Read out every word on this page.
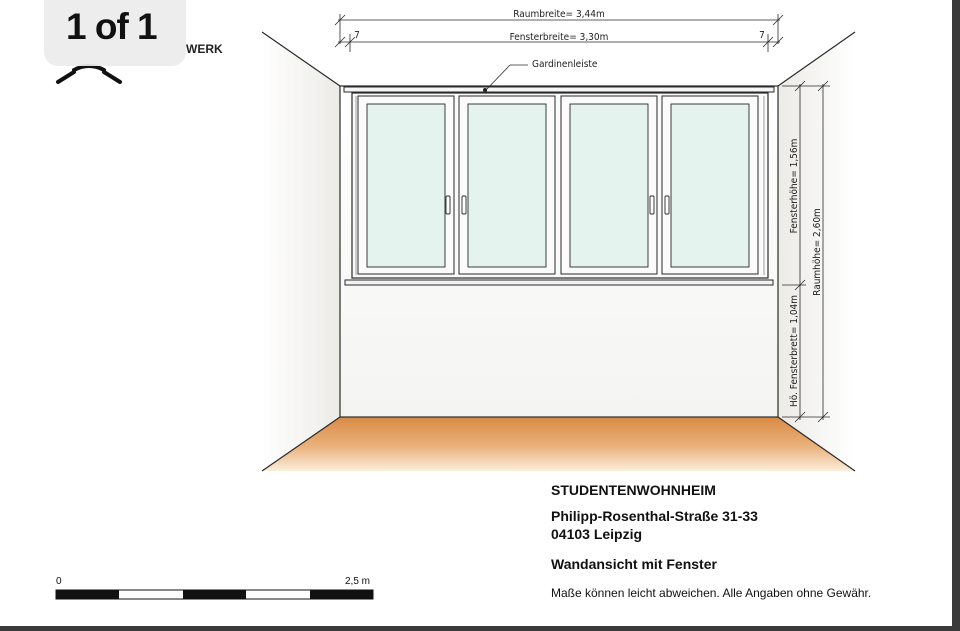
Raumbreite= 3,44m
Fensterbreite= 3,30m
7	7
Gardinenleiste
Fensterhöhe= 1,56m
Raumhöhe= 2,60m
Hö. Fensterbrett= 1,04m
1 of 1
WERK
STUDENTENWOHNHEIM
Philipp-Rosenthal-Straße 31-33
04103 Leipzig
Wandansicht mit Fenster
Maße können leicht abweichen. Alle Angaben ohne Gewähr.
0	2,5 m
